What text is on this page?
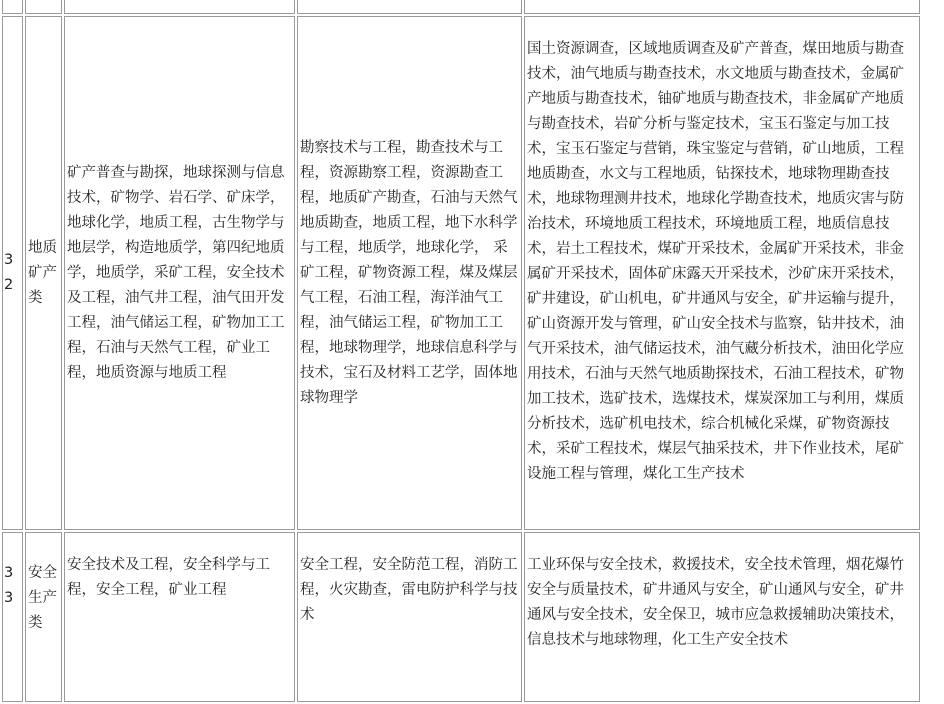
32	地质矿产类	矿产普查与勘探，地球探测与信息技术，矿物学、岩石学、矿床学，地球化学，地质工程，古生物学与地层学，构造地质学，第四纪地质学，地质学，采矿工程，安全技术及工程，油气井工程，油气田开发工程，油气储运工程，矿物加工工程，石油与天然气工程，矿业工程，地质资源与地质工程	勘察技术与工程，勘查技术与工程，资源勘察工程，资源勘查工程，地质矿产勘查，石油与天然气地质勘查，地质工程，地下水科学与工程，地质学，地球化学， 采矿工程，矿物资源工程，煤及煤层气工程，石油工程，海洋油气工程，油气储运工程，矿物加工工程，地球物理学，地球信息科学与技术，宝石及材料工艺学，固体地球物理学	国土资源调查，区域地质调查及矿产普查，煤田地质与勘查技术，油气地质与勘查技术，水文地质与勘查技术，金属矿产地质与勘查技术，铀矿地质与勘查技术，非金属矿产地质与勘查技术，岩矿分析与鉴定技术，宝玉石鉴定与加工技术，宝玉石鉴定与营销，珠宝鉴定与营销，矿山地质，工程地质勘查，水文与工程地质，钻探技术，地球物理勘查技术，地球物理测井技术，地球化学勘查技术，地质灾害与防治技术，环境地质工程技术，环境地质工程，地质信息技术，岩土工程技术，煤矿开采技术，金属矿开采技术，非金属矿开采技术，固体矿床露天开采技术，沙矿床开采技术，矿井建设，矿山机电，矿井通风与安全，矿井运输与提升，矿山资源开发与管理，矿山安全技术与监察，钻井技术，油气开采技术，油气储运技术，油气藏分析技术，油田化学应用技术，石油与天然气地质勘探技术，石油工程技术，矿物加工技术，选矿技术，选煤技术，煤炭深加工与利用，煤质分析技术，选矿机电技术，综合机械化采煤，矿物资源技术，采矿工程技术，煤层气抽采技术，井下作业技术，尾矿设施工程与管理，煤化工生产技术
33	安全生产类	安全技术及工程，安全科学与工程，安全工程，矿业工程	安全工程，安全防范工程，消防工程，火灾勘查，雷电防护科学与技术	工业环保与安全技术，救援技术，安全技术管理，烟花爆竹安全与质量技术，矿井通风与安全，矿山通风与安全，矿井通风与安全技术，安全保卫，城市应急救援辅助决策技术，信息技术与地球物理，化工生产安全技术
